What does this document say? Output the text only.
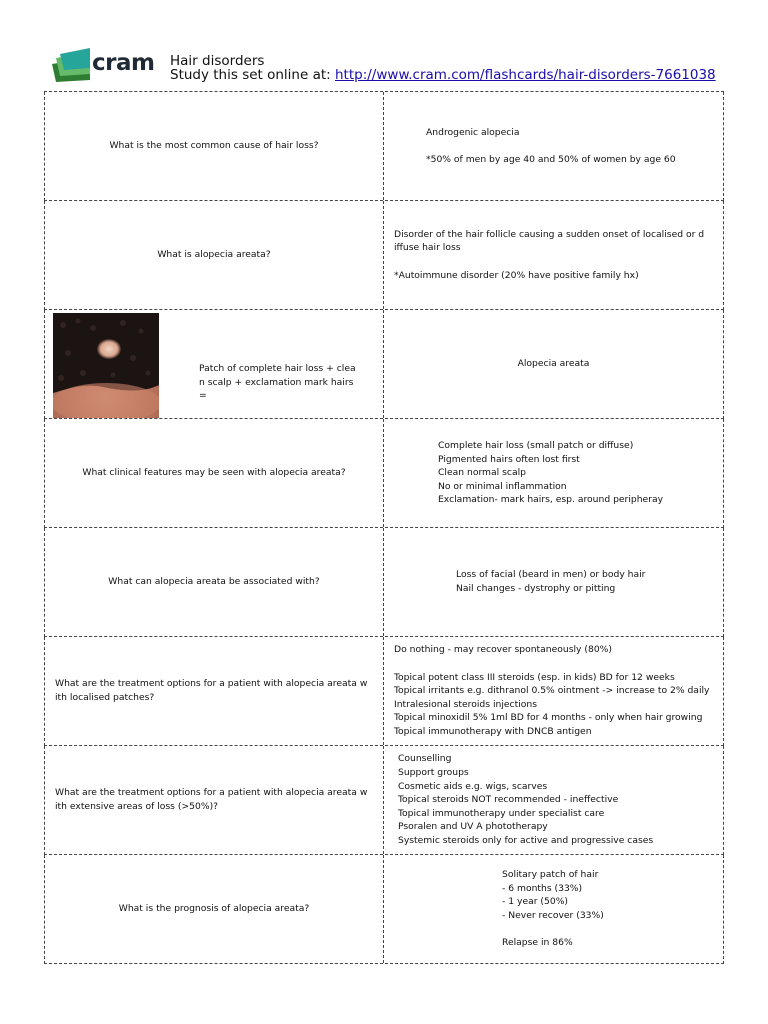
cram Hair disorders
Study this set online at: http://www.cram.com/flashcards/hair-disorders-7661038
What is the most common cause of hair loss?
Androgenic alopecia

*50% of men by age 40 and 50% of women by age 60
What is alopecia areata?
Disorder of the hair follicle causing a sudden onset of localised or d
iffuse hair loss

*Autoimmune disorder (20% have positive family hx)
Patch of complete hair loss + clea
n scalp + exclamation mark hairs
=
Alopecia areata
What clinical features may be seen with alopecia areata?
Complete hair loss (small patch or diffuse)
Pigmented hairs often lost first
Clean normal scalp
No or minimal inflammation
Exclamation- mark hairs, esp. around peripheray
What can alopecia areata be associated with?
Loss of facial (beard in men) or body hair
Nail changes - dystrophy or pitting
What are the treatment options for a patient with alopecia areata w
ith localised patches?
Do nothing - may recover spontaneously (80%)

Topical potent class III steroids (esp. in kids) BD for 12 weeks
Topical irritants e.g. dithranol 0.5% ointment -> increase to 2% daily
Intralesional steroids injections
Topical minoxidil 5% 1ml BD for 4 months - only when hair growing
Topical immunotherapy with DNCB antigen
What are the treatment options for a patient with alopecia areata w
ith extensive areas of loss (>50%)?
Counselling
Support groups
Cosmetic aids e.g. wigs, scarves
Topical steroids NOT recommended - ineffective
Topical immunotherapy under specialist care
Psoralen and UV A phototherapy
Systemic steroids only for active and progressive cases
What is the prognosis of alopecia areata?
Solitary patch of hair
- 6 months (33%)
- 1 year (50%)
- Never recover (33%)

Relapse in 86%
